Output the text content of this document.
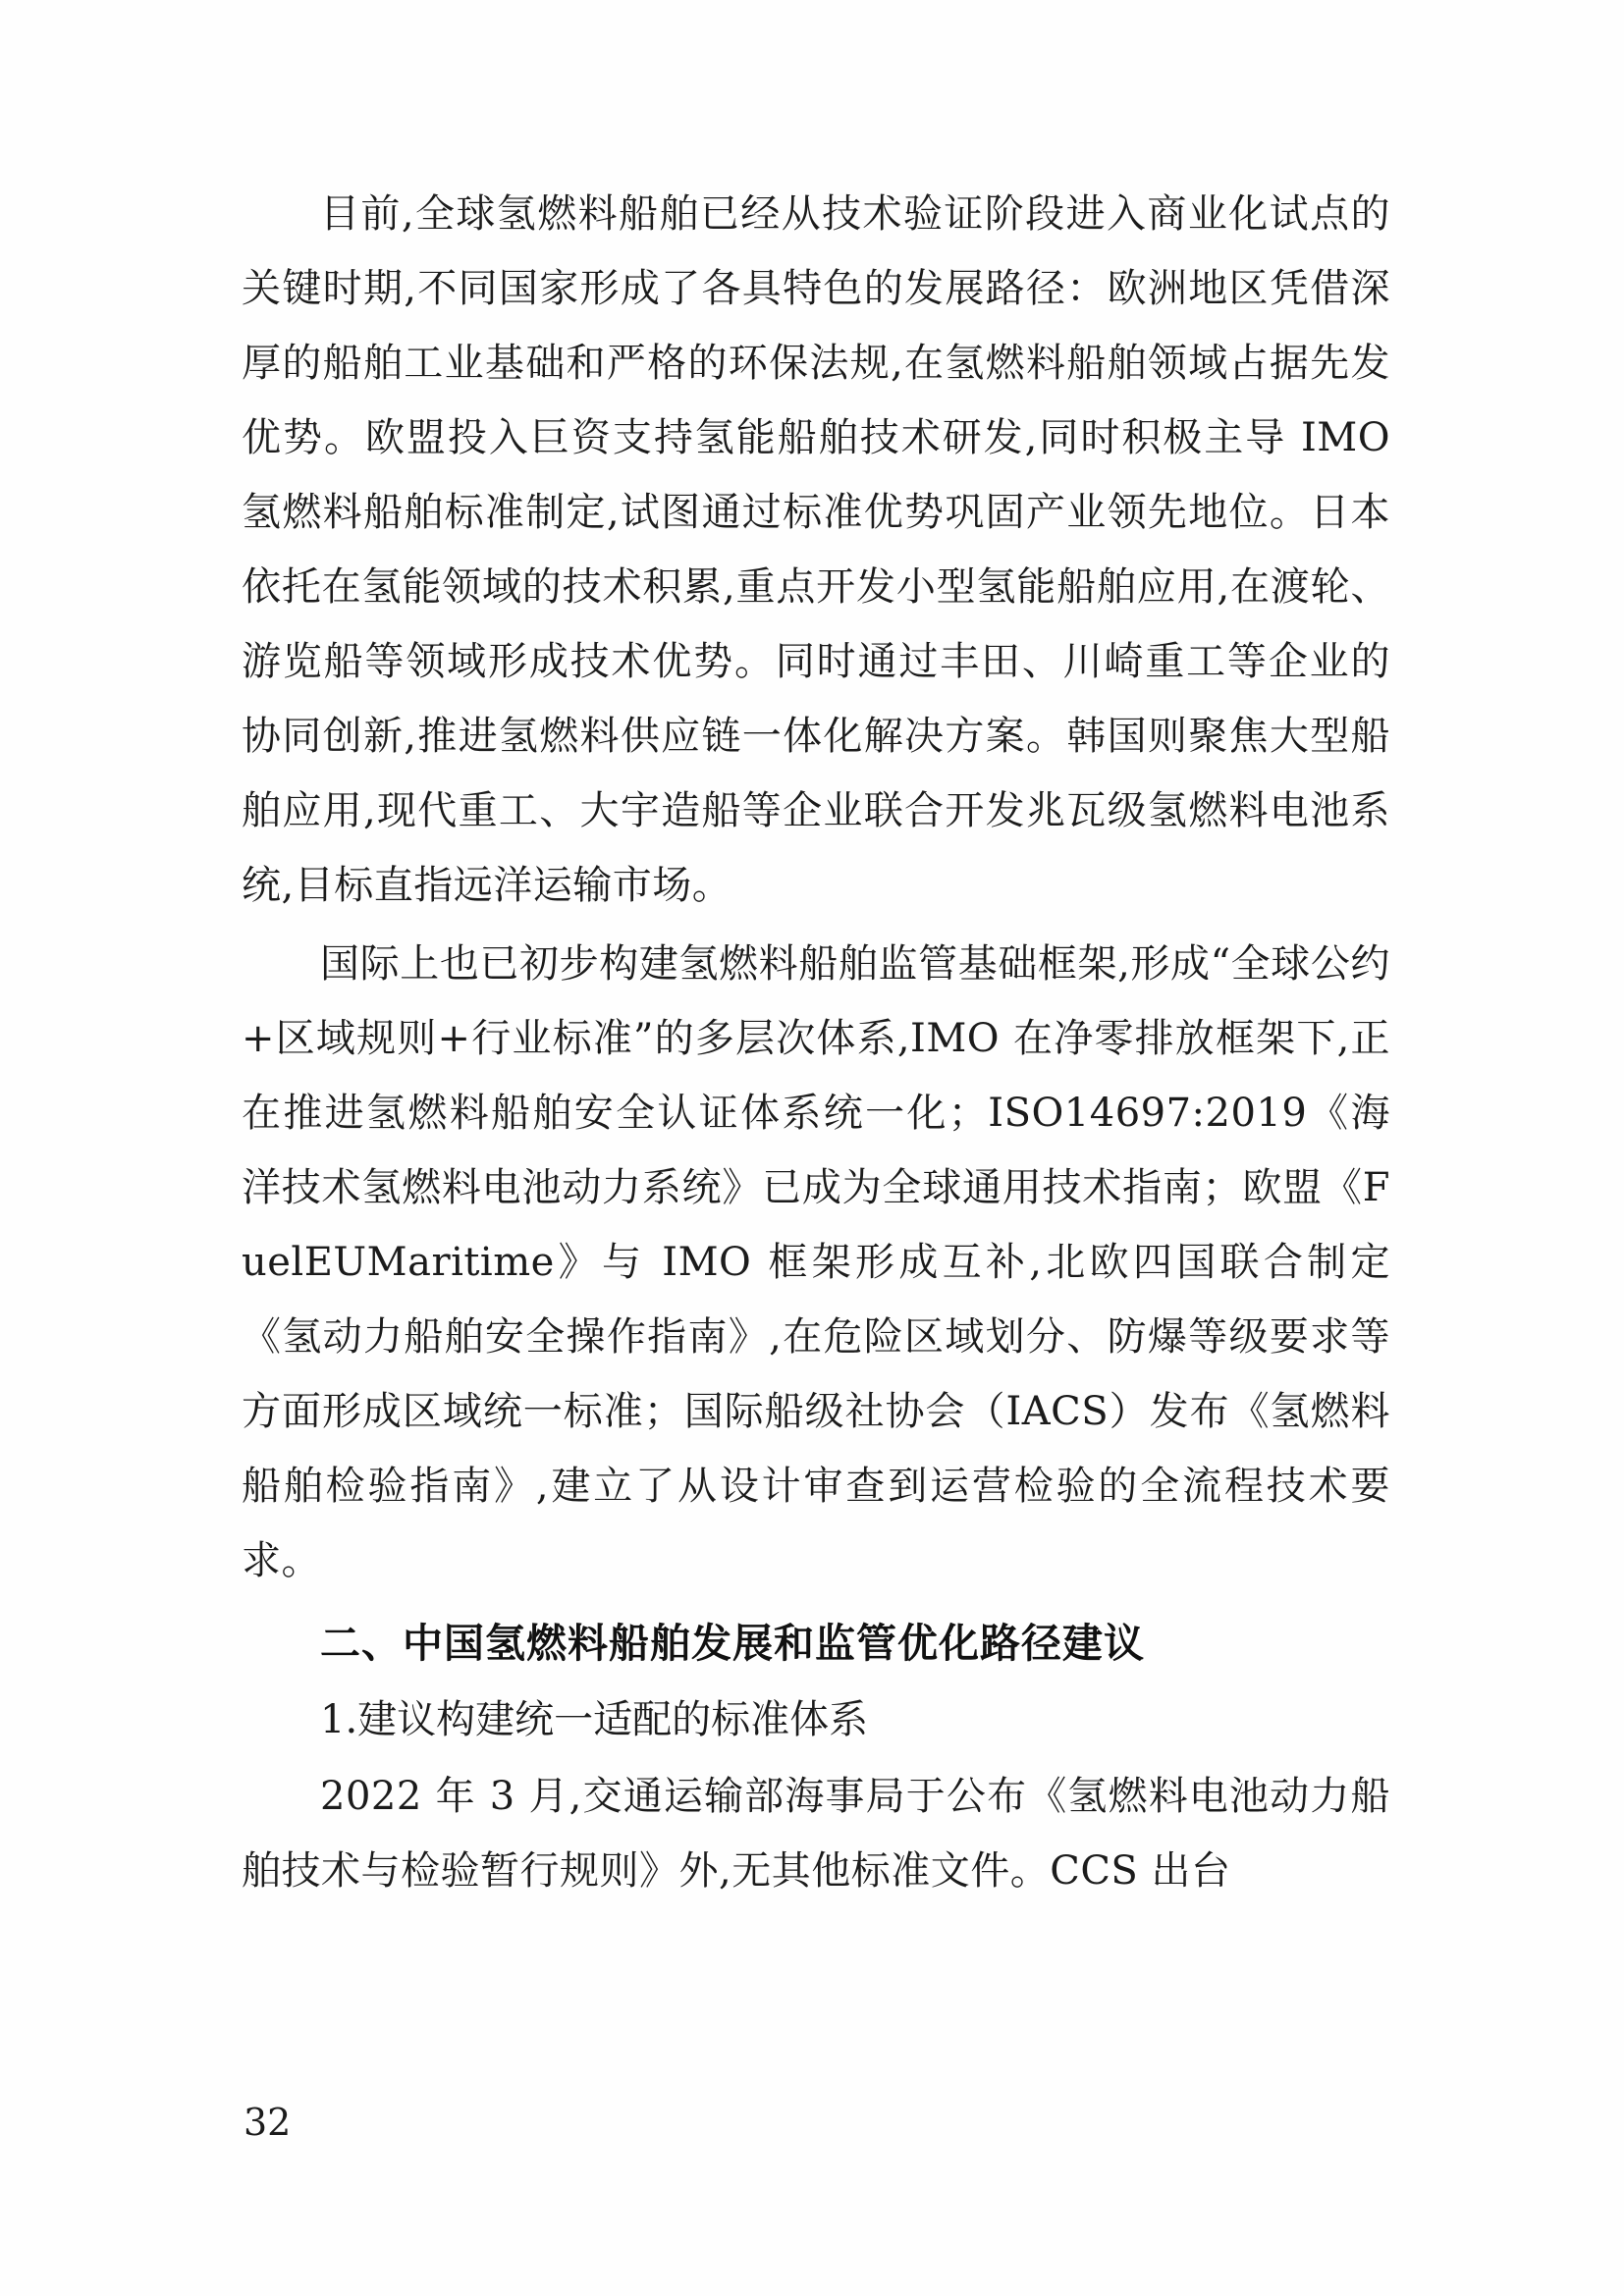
目前,全球氢燃料船舶已经从技术验证阶段进入商业化试点的关键时期,不同国家形成了各具特色的发展路径：欧洲地区凭借深厚的船舶工业基础和严格的环保法规,在氢燃料船舶领域占据先发优势。欧盟投入巨资支持氢能船舶技术研发,同时积极主导 IMO 氢燃料船舶标准制定,试图通过标准优势巩固产业领先地位。日本依托在氢能领域的技术积累,重点开发小型氢能船舶应用,在渡轮、游览船等领域形成技术优势。同时通过丰田、川崎重工等企业的协同创新,推进氢燃料供应链一体化解决方案。韩国则聚焦大型船舶应用,现代重工、大宇造船等企业联合开发兆瓦级氢燃料电池系统,目标直指远洋运输市场。

国际上也已初步构建氢燃料船舶监管基础框架,形成“全球公约+区域规则+行业标准”的多层次体系,IMO 在净零排放框架下,正在推进氢燃料船舶安全认证体系统一化；ISO14697:2019《海洋技术氢燃料电池动力系统》已成为全球通用技术指南；欧盟《FuelEUMaritime》与 IMO 框架形成互补,北欧四国联合制定《氢动力船舶安全操作指南》,在危险区域划分、防爆等级要求等方面形成区域统一标准；国际船级社协会（IACS）发布《氢燃料船舶检验指南》,建立了从设计审查到运营检验的全流程技术要求。

二、中国氢燃料船舶发展和监管优化路径建议

1.建议构建统一适配的标准体系

2022 年 3 月,交通运输部海事局于公布《氢燃料电池动力船舶技术与检验暂行规则》外,无其他标准文件。CCS 出台

32
